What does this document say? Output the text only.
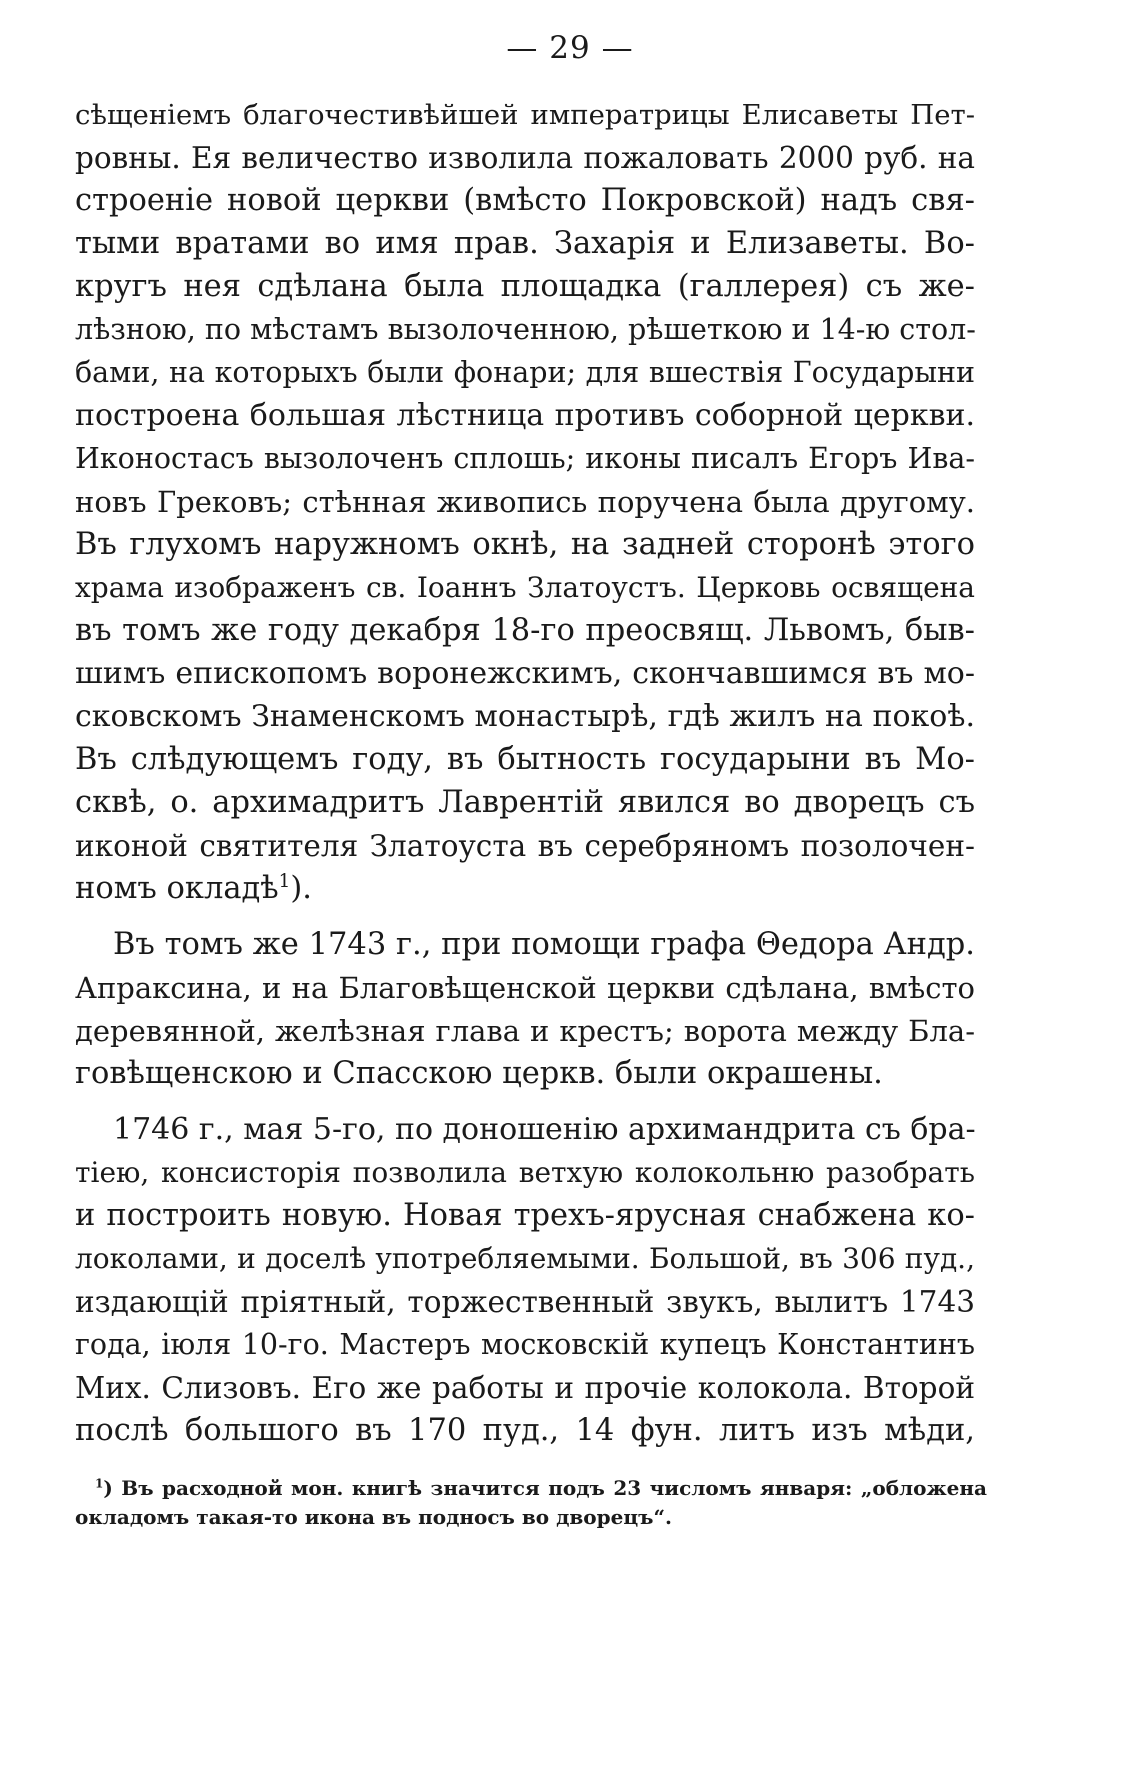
— 29 —
сѣщеніемъ благочестивѣйшей императрицы Елисаветы Пет-
ровны. Ея величество изволила пожаловать 2000 руб. на
строеніе новой церкви (вмѣсто Покровской) надъ свя-
тыми вратами во имя прав. Захарія и Елизаветы. Во-
кругъ нея сдѣлана была площадка (галлерея) съ же-
лѣзною, по мѣстамъ вызолоченною, рѣшеткою и 14-ю стол-
бами, на которыхъ были фонари; для вшествія Государыни
построена большая лѣстница противъ соборной церкви.
Иконостасъ вызолоченъ сплошь; иконы писалъ Егоръ Ива-
новъ Грековъ; стѣнная живопись поручена была другому.
Въ глухомъ наружномъ окнѣ, на задней сторонѣ этого
храма изображенъ св. Іоаннъ Златоустъ. Церковь освящена
въ томъ же году декабря 18-го преосвящ. Львомъ, быв-
шимъ епископомъ воронежскимъ, скончавшимся въ мо-
сковскомъ Знаменскомъ монастырѣ, гдѣ жилъ на покоѣ.
Въ слѣдующемъ году, въ бытность государыни въ Мо-
сквѣ, о. архимадритъ Лаврентій явился во дворецъ съ
иконой святителя Златоуста въ серебряномъ позолочен-
номъ окладѣ$^1$).
Въ томъ же 1743 г., при помощи графа Θедора Андр.
Апраксина, и на Благовѣщенской церкви сдѣлана, вмѣсто
деревянной, желѣзная глава и крестъ; ворота между Бла-
говѣщенскою и Спасскою церкв. были окрашены.
1746 г., мая 5-го, по доношенію архимандрита съ бра-
тіею, консисторія позволила ветхую колокольню разобрать
и построить новую. Новая трехъ-ярусная снабжена ко-
локолами, и доселѣ употребляемыми. Большой, въ 306 пуд.,
издающій пріятный, торжественный звукъ, вылитъ 1743
года, іюля 10-го. Мастеръ московскій купецъ Константинъ
Мих. Слизовъ. Его же работы и прочіе колокола. Второй
послѣ большого въ 170 пуд., 14 фун. литъ изъ мѣди,
$^1$) Въ расходной мон. книгѣ значится подъ 23 числомъ января: „обложена
окладомъ такая-то икона въ подносъ во дворецъ“.
